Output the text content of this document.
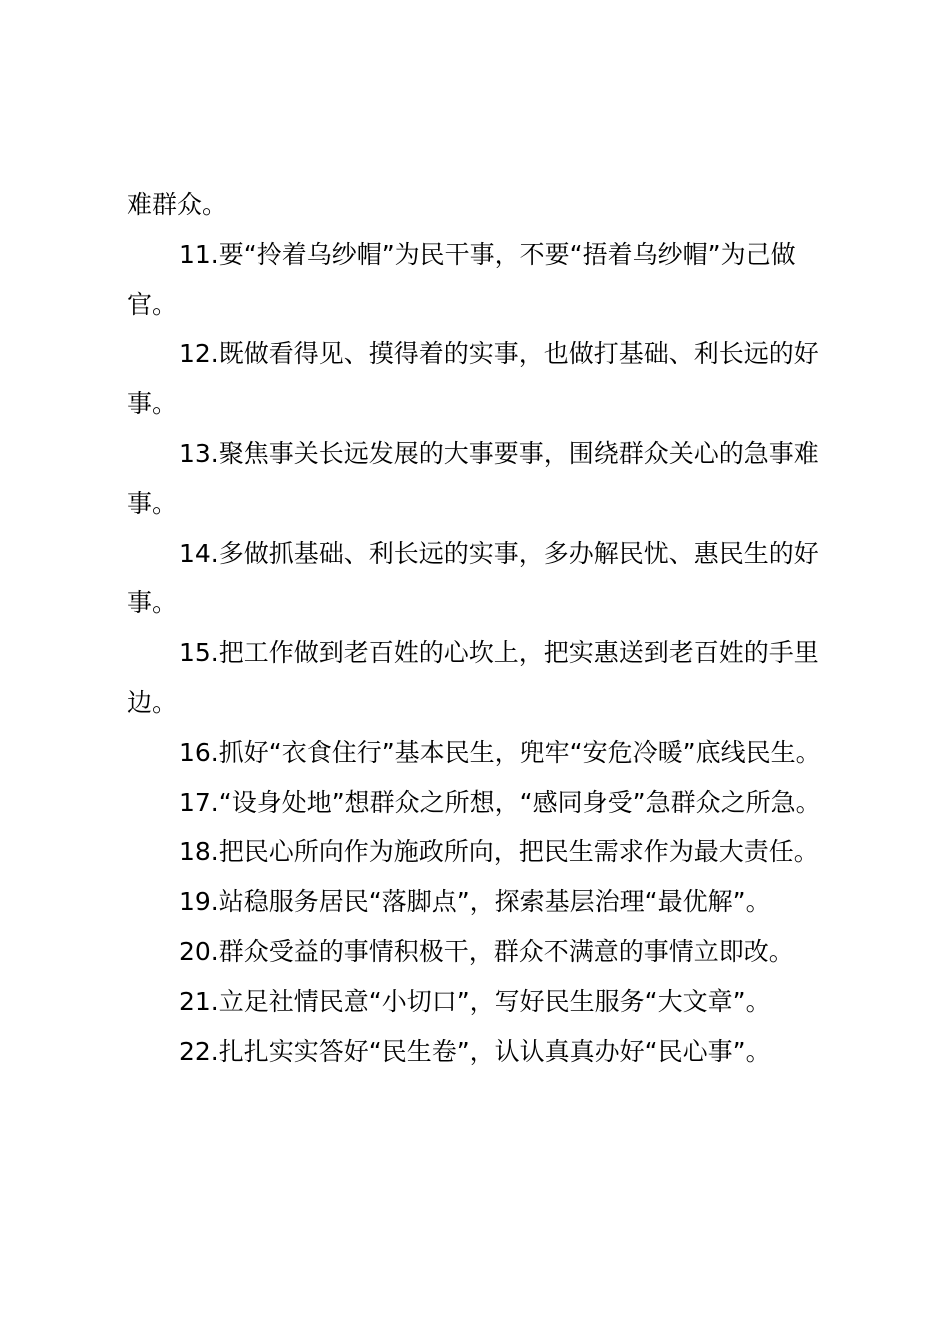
难群众。

11.要“拎着乌纱帽”为民干事，不要“捂着乌纱帽”为己做官。

12.既做看得见、摸得着的实事，也做打基础、利长远的好事。

13.聚焦事关长远发展的大事要事，围绕群众关心的急事难事。

14.多做抓基础、利长远的实事，多办解民忧、惠民生的好事。

15.把工作做到老百姓的心坎上，把实惠送到老百姓的手里边。

16.抓好“衣食住行”基本民生，兜牢“安危冷暖”底线民生。

17.“设身处地”想群众之所想，“感同身受”急群众之所急。

18.把民心所向作为施政所向，把民生需求作为最大责任。

19.站稳服务居民“落脚点”，探索基层治理“最优解”。

20.群众受益的事情积极干，群众不满意的事情立即改。

21.立足社情民意“小切口”，写好民生服务“大文章”。

22.扎扎实实答好“民生卷”，认认真真办好“民心事”。
